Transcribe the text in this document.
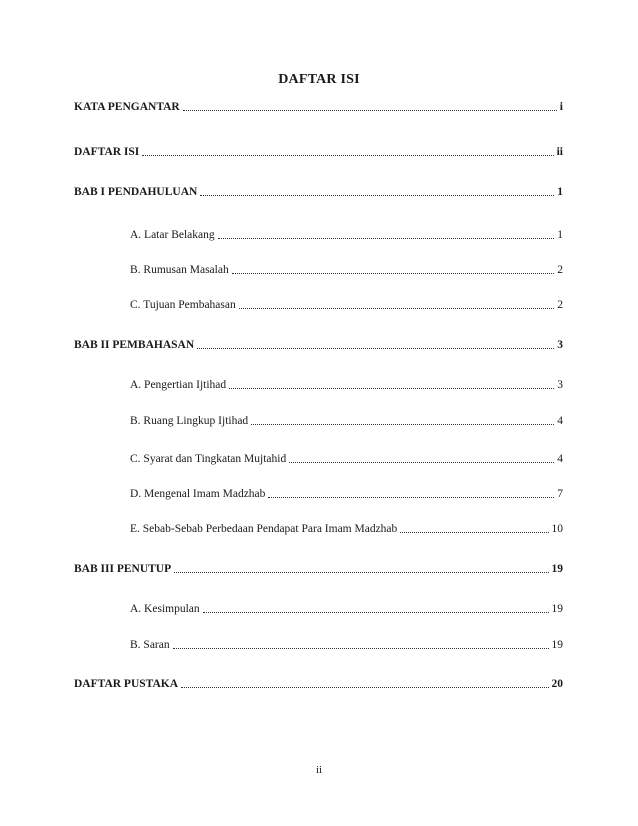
DAFTAR ISI
KATA PENGANTAR	i
DAFTAR ISI	ii
BAB I PENDAHULUAN	1
A. Latar Belakang	1
B. Rumusan Masalah	2
C. Tujuan Pembahasan	2
BAB II PEMBAHASAN	3
A. Pengertian Ijtihad	3
B. Ruang Lingkup Ijtihad	4
C. Syarat dan Tingkatan Mujtahid	4
D. Mengenal Imam Madzhab	7
E. Sebab-Sebab Perbedaan Pendapat Para Imam Madzhab	10
BAB III PENUTUP	19
A. Kesimpulan	19
B. Saran	19
DAFTAR PUSTAKA	20
ii
